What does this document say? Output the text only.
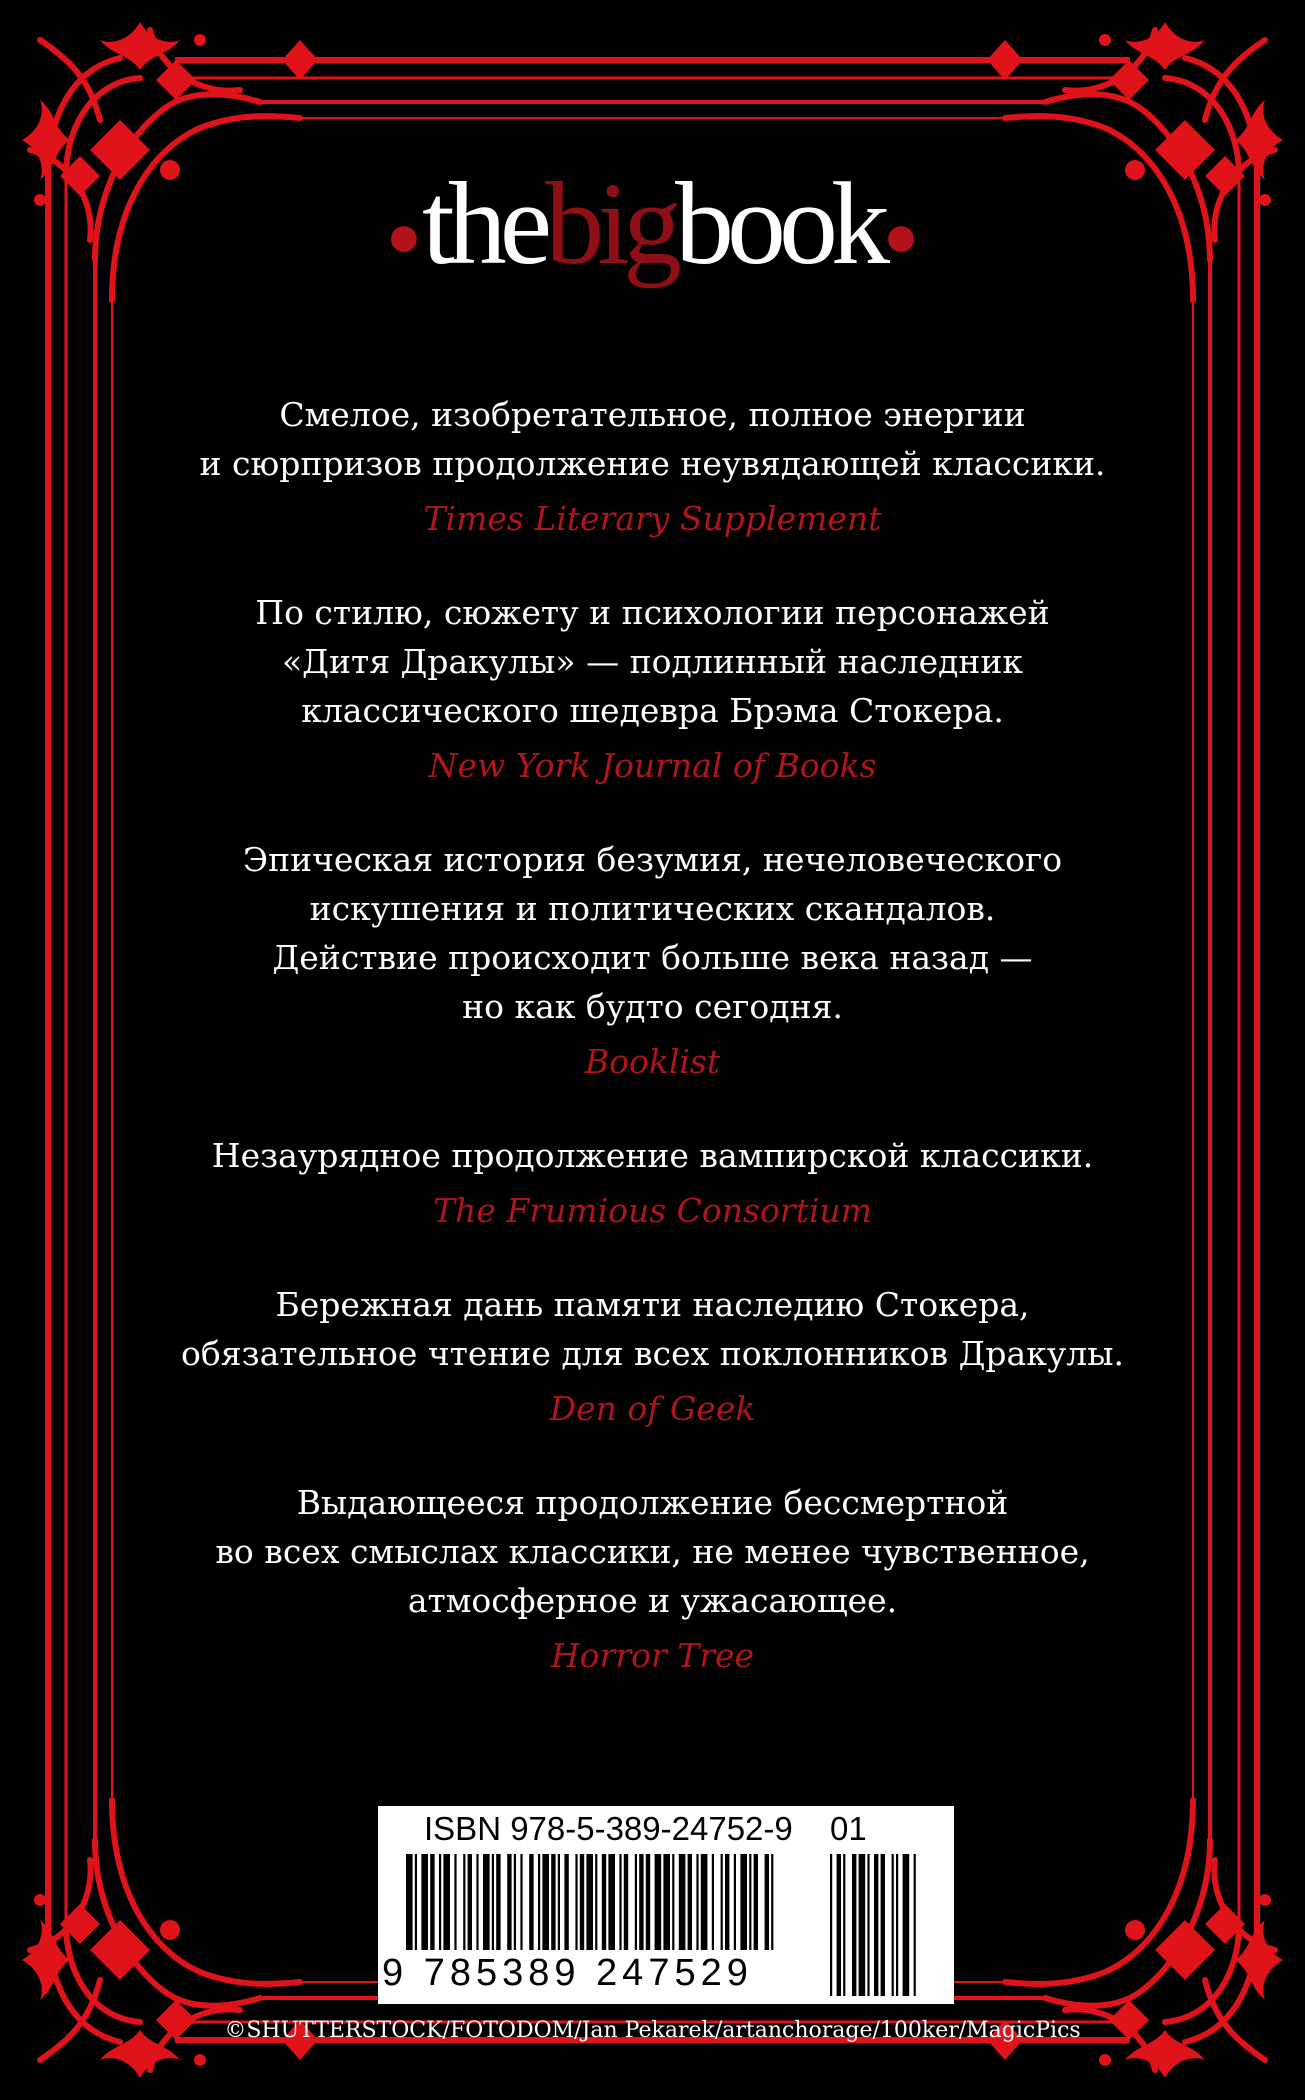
●thebigbook●
Смелое, изобретательное, полное энергии
и сюрпризов продолжение неувядающей классики.
Times Literary Supplement
По стилю, сюжету и психологии персонажей
«Дитя Дракулы» — подлинный наследник
классического шедевра Брэма Стокера.
New York Journal of Books
Эпическая история безумия, нечеловеческого
искушения и политических скандалов.
Действие происходит больше века назад —
но как будто сегодня.
Booklist
Незаурядное продолжение вампирской классики.
The Frumious Consortium
Бережная дань памяти наследию Стокера,
обязательное чтение для всех поклонников Дракулы.
Den of Geek
Выдающееся продолжение бессмертной
во всех смыслах классики, не менее чувственное,
атмосферное и ужасающее.
Horror Tree
ISBN 978-5-389-24752-9 01
9 785389 247529
©SHUTTERSTOCK/FOTODOM/Jan Pekarek/artanchorage/100ker/MagicPics
